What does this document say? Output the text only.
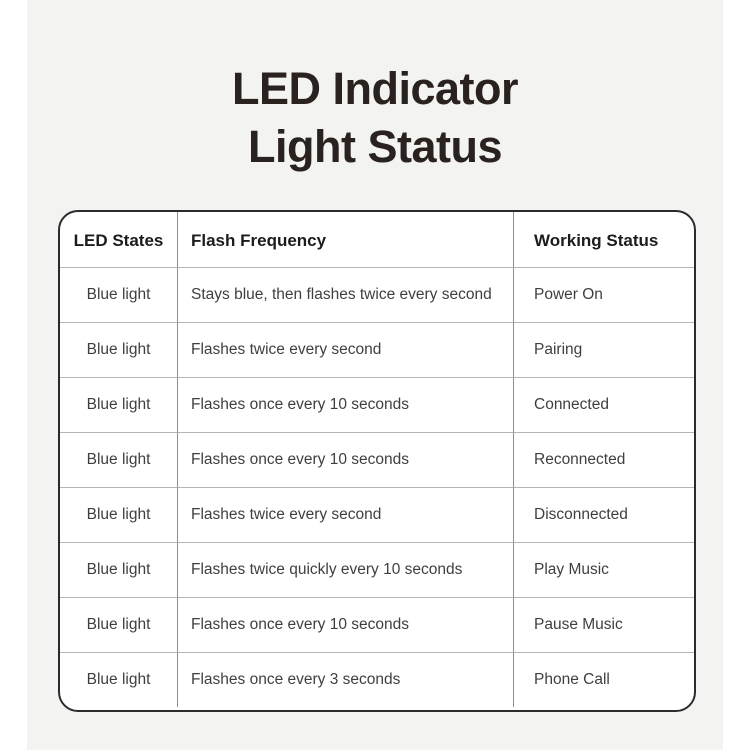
LED Indicator
Light Status
LED States	Flash Frequency	Working Status
Blue light	Stays blue, then flashes twice every second	Power On
Blue light	Flashes twice every second	Pairing
Blue light	Flashes once every 10 seconds	Connected
Blue light	Flashes once every 10 seconds	Reconnected
Blue light	Flashes twice every second	Disconnected
Blue light	Flashes twice quickly every 10 seconds	Play Music
Blue light	Flashes once every 10 seconds	Pause Music
Blue light	Flashes once every 3 seconds	Phone Call
